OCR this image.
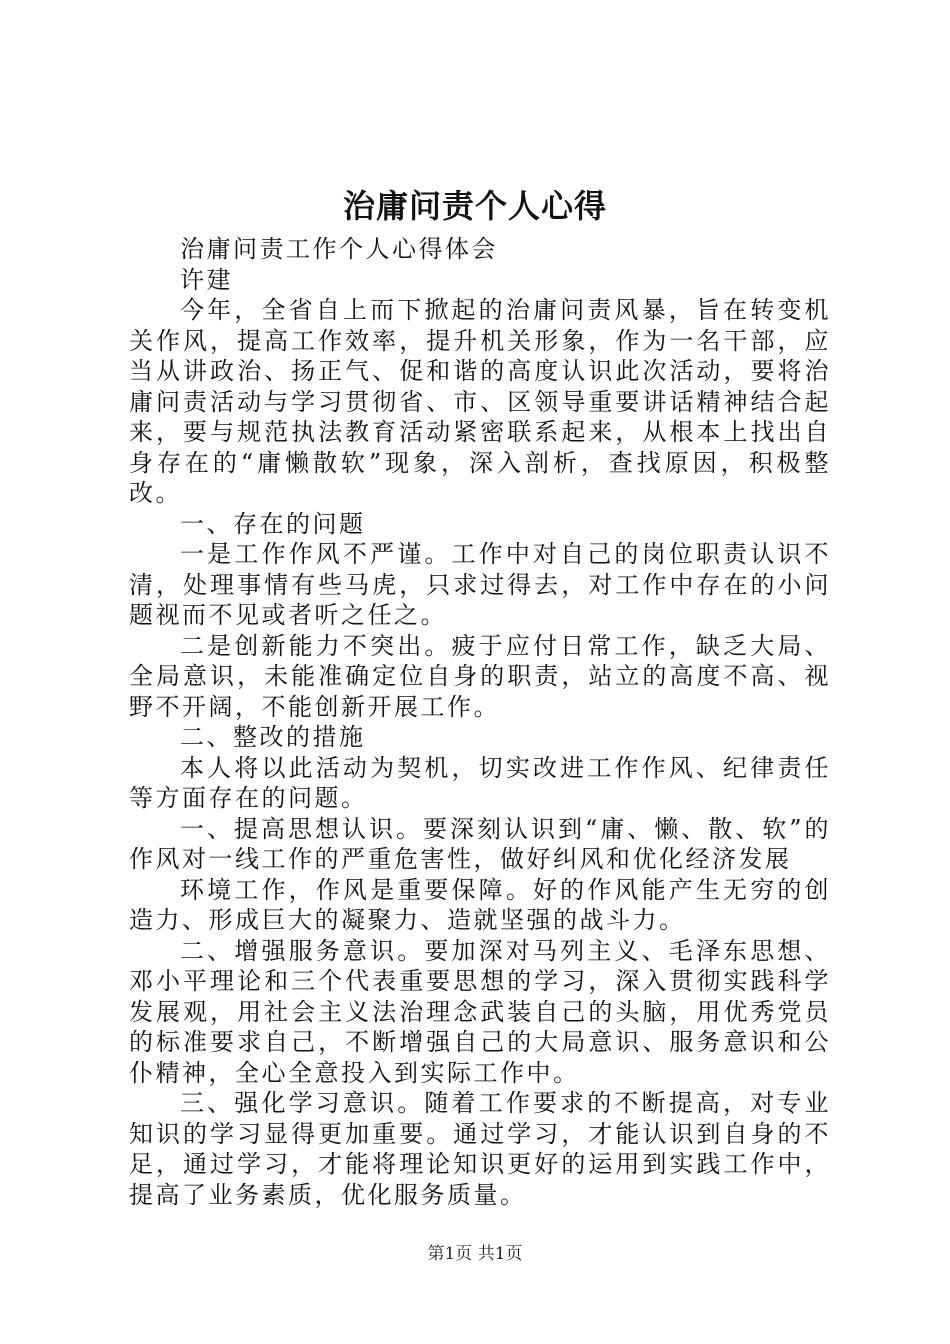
治庸问责个人心得

治庸问责工作个人心得体会

许建

今年，全省自上而下掀起的治庸问责风暴，旨在转变机关作风，提高工作效率，提升机关形象，作为一名干部，应当从讲政治、扬正气、促和谐的高度认识此次活动，要将治庸问责活动与学习贯彻省、市、区领导重要讲话精神结合起来，要与规范执法教育活动紧密联系起来，从根本上找出自身存在的“庸懒散软”现象，深入剖析，查找原因，积极整改。

一、存在的问题

一是工作作风不严谨。工作中对自己的岗位职责认识不清，处理事情有些马虎，只求过得去，对工作中存在的小问题视而不见或者听之任之。

二是创新能力不突出。疲于应付日常工作，缺乏大局、全局意识，未能准确定位自身的职责，站立的高度不高、视野不开阔，不能创新开展工作。

二、整改的措施

本人将以此活动为契机，切实改进工作作风、纪律责任等方面存在的问题。

一、提高思想认识。要深刻认识到“庸、懒、散、软”的作风对一线工作的严重危害性，做好纠风和优化经济发展

环境工作，作风是重要保障。好的作风能产生无穷的创造力、形成巨大的凝聚力、造就坚强的战斗力。

二、增强服务意识。要加深对马列主义、毛泽东思想、邓小平理论和三个代表重要思想的学习，深入贯彻实践科学发展观，用社会主义法治理念武装自己的头脑，用优秀党员的标准要求自己，不断增强自己的大局意识、服务意识和公仆精神，全心全意投入到实际工作中。

三、强化学习意识。随着工作要求的不断提高，对专业知识的学习显得更加重要。通过学习，才能认识到自身的不足，通过学习，才能将理论知识更好的运用到实践工作中，提高了业务素质，优化服务质量。

第1页 共1页
